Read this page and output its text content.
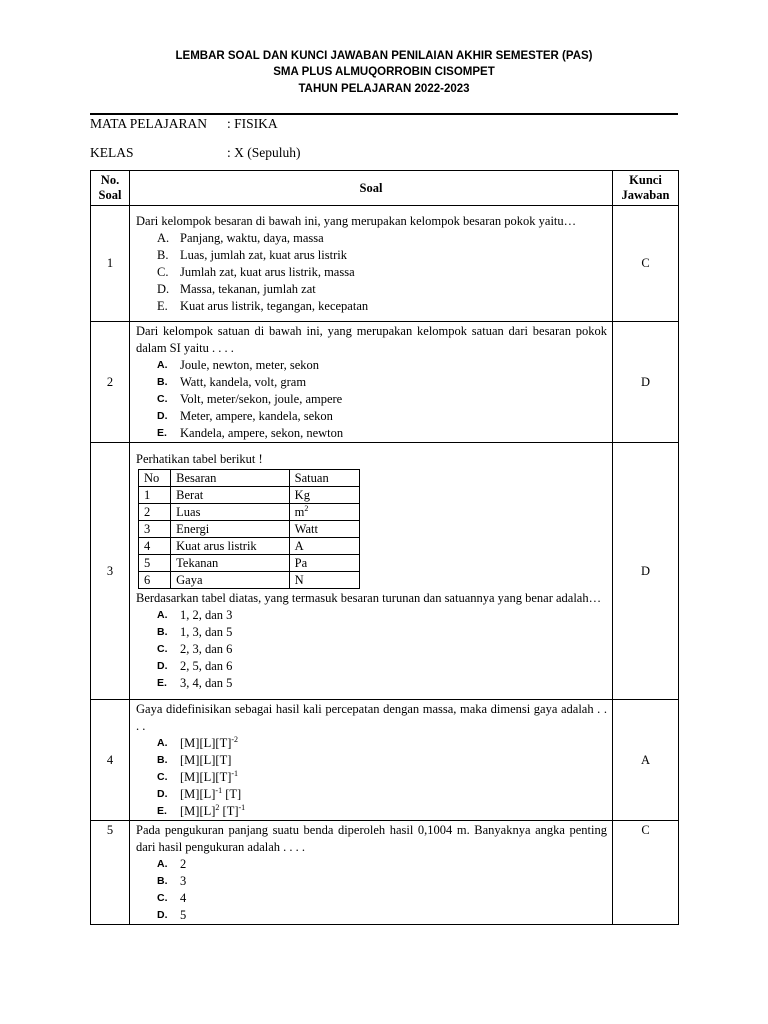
LEMBAR SOAL DAN KUNCI JAWABAN PENILAIAN AKHIR SEMESTER (PAS)
SMA PLUS ALMUQORROBIN CISOMPET
TAHUN PELAJARAN 2022-2023
MATA PELAJARAN : FISIKA
KELAS	: X (Sepuluh)
No. Soal	Soal	Kunci Jawaban
1	
Dari kelompok besaran di bawah ini, yang merupakan kelompok besaran pokok yaitu…
A. Panjang, waktu, daya, massa
B. Luas, jumlah zat, kuat arus listrik
C. Jumlah zat, kuat arus listrik, massa
D. Massa, tekanan, jumlah zat
E. Kuat arus listrik, tegangan, kecepatan
	C
2	
Dari kelompok satuan di bawah ini, yang merupakan kelompok satuan dari besaran pokok dalam SI yaitu . . . .
A. Joule, newton, meter, sekon
B. Watt, kandela, volt, gram
C. Volt, meter/sekon, joule, ampere
D. Meter, ampere, kandela, sekon
E. Kandela, ampere, sekon, newton
	D
3	
Perhatikan tabel berikut !
No	Besaran	Satuan
1	Berat	Kg
2	Luas	$m^2$
3	Energi	Watt
4	Kuat arus listrik	A
5	Tekanan	Pa
6	Gaya	N
Berdasarkan tabel diatas, yang termasuk besaran turunan dan satuannya yang benar adalah…
A. 1, 2, dan 3
B. 1, 3, dan 5
C. 2, 3, dan 6
D. 2, 5, dan 6
E. 3, 4, dan 5
	D
4	
Gaya didefinisikan sebagai hasil kali percepatan dengan massa, maka dimensi gaya adalah . . . .
A. $[M][L][T]^{-2}$
B. [M][L][T]
C. $[M][L][T]^{-1}$
D. $[M][L]^{-1}$ [T]
E. $[M][L]^2$ $[T]^{-1}$
	A
5	Pada pengukuran panjang suatu benda diperoleh hasil 0,1004 m. Banyaknya angka penting dari hasil pengukuran adalah . . . .
A. 2
B. 3
C. 4
D. 5
	C
